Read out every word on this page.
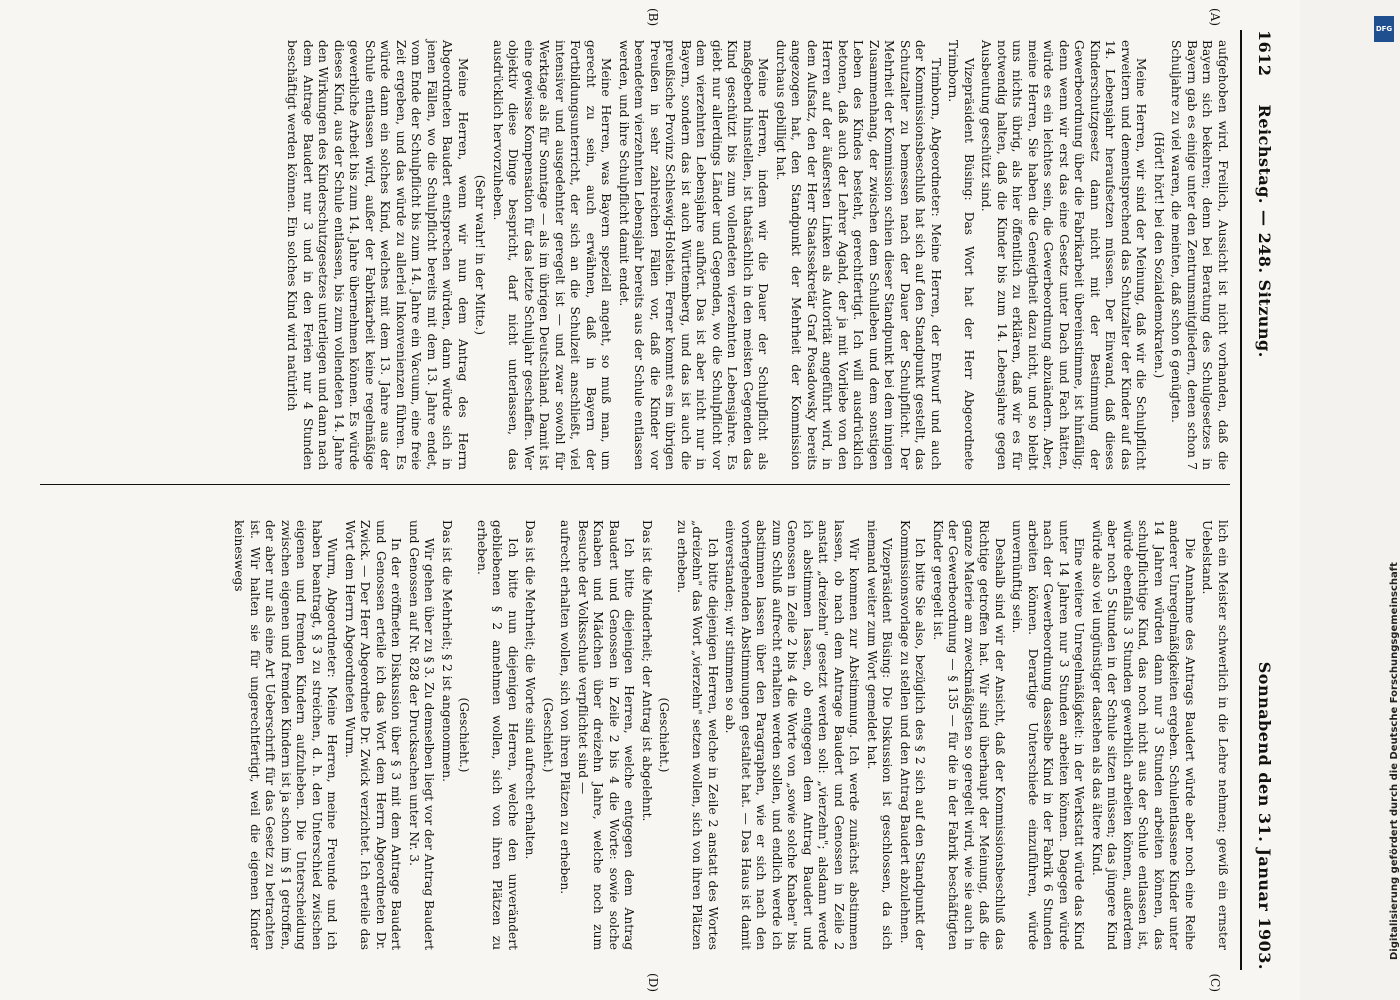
1612
Reichstag. — 248. Sitzung.
Sonnabend den 31. Januar 1903.
(A)
(B)
(C)
(D)

aufgehoben wird. Freilich, Aussicht ist nicht vorhanden, daß die Bayern sich bekehren; denn bei Beratung des Schulgesetzes in Bayern gab es einige unter den Zentrumsmitgliedern, denen schon 7 Schuljahre zu viel waren, die meinten, daß schon 6 genügten.

(Hört! hört! bei den Sozialdemokraten.)

Meine Herren, wir sind der Meinung, daß wir die Schulpflicht erweitern und dementsprechend das Schutzalter der Kinder auf das 14. Lebensjahr heraufsetzen müssen. Der Einwand, daß dieses Kinderschutzgesetz dann nicht mit der Bestimmung der Gewerbeordnung über die Fabrikarbeit übereinstimme, ist hinfällig; denn wenn wir erst das eine Gesetz unter Dach und Fach hätten, würde es ein leichtes sein, die Gewerbeordnung abzuändern. Aber, meine Herren, Sie haben die Geneigtheit dazu nicht, und so bleibt uns nichts übrig, als hier öffentlich zu erklären, daß wir es für notwendig halten, daß die Kinder bis zum 14. Lebensjahre gegen Ausbeutung geschützt sind.

Vizepräsident Büsing: Das Wort hat der Herr Abgeordnete Trimborn.

Trimborn, Abgeordneter: Meine Herren, der Entwurf und auch der Kommissionsbeschluß hat sich auf den Standpunkt gestellt, das Schutzalter zu bemessen nach der Dauer der Schulpflicht. Der Mehrheit der Kommission schien dieser Standpunkt bei dem innigen Zusammenhang, der zwischen dem Schulleben und dem sonstigen Leben des Kindes besteht, gerechtfertigt. Ich will ausdrücklich betonen, daß auch der Lehrer Agahd, der ja mit Vorliebe von den Herren auf der äußersten Linken als Autorität angeführt wird, in dem Aufsatz, den der Herr Staatssekretär Graf Posadowsky bereits angezogen hat, den Standpunkt der Mehrheit der Kommission durchaus gebilligt hat.

Meine Herren, indem wir die Dauer der Schulpflicht als maßgebend hinstellen, ist thatsächlich in den meisten Gegenden das Kind geschützt bis zum vollendeten vierzehnten Lebensjahre. Es giebt nur allerdings Länder und Gegenden, wo die Schulpflicht vor dem vierzehnten Lebensjahre aufhört. Das ist aber nicht nur in Bayern, sondern das ist auch Württemberg, und das ist auch die preußische Provinz Schleswig-Holstein. Ferner kommt es im übrigen Preußen in sehr zahlreichen Fällen vor, daß die Kinder vor beendetem vierzehnten Lebensjahr bereits aus der Schule entlassen werden, und ihre Schulpflicht damit endet.

Meine Herren, was Bayern speziell angeht, so muß man, um gerecht zu sein, auch erwähnen, daß in Bayern der Fortbildungsunterricht, der sich an die Schulzeit anschließt, viel intensiver und ausgedehnter geregelt ist — und zwar sowohl für Werktage als für Sonntage — als im übrigen Deutschland. Damit ist eine gewisse Kompensation für das letzte Schuljahr geschaffen. Wer objektiv diese Dinge bespricht, darf nicht unterlassen, das ausdrücklich hervorzuheben.

(Sehr wahr! in der Mitte.)

Meine Herren, wenn wir nun dem Antrag des Herrn Abgeordneten Baudert entsprechen würden, dann würde sich in jenen Fällen, wo die Schulpflicht bereits mit dem 13. Jahre endet, vom Ende der Schulpflicht bis zum 14. Jahre ein Vacuum, eine freie Zeit ergeben, und das würde zu allerlei Inkonvenienzen führen. Es würde dann ein solches Kind, welches mit dem 13. Jahre aus der Schule entlassen wird, außer der Fabrikarbeit keine regelmäßige gewerbliche Arbeit bis zum 14. Jahre übernehmen können. Es würde dieses Kind, aus der Schule entlassen, bis zum vollendeten 14. Jahre den Wirkungen des Kinderschutzgesetzes unterliegen und dann nach dem Antrage Baudert nur 3 und in den Ferien nur 4 Stunden beschäftigt werden können. Ein solches Kind wird natürlich

lich ein Meister schwerlich in die Lehre nehmen; gewiß ein ernster Uebelstand.

Die Annahme des Antrags Baudert würde aber noch eine Reihe anderer Unregelmäßigkeiten ergeben. Schulentlassene Kinder unter 14 Jahren würden dann nur 3 Stunden arbeiten können, das schulpflichtige Kind, das noch nicht aus der Schule entlassen ist, würde ebenfalls 3 Stunden gewerblich arbeiten können, außerdem aber noch 5 Stunden in der Schule sitzen müssen; das jüngere Kind würde also viel ungünstiger dastehen als das ältere Kind.

Eine weitere Unregelmäßigkeit: in der Werkstatt würde das Kind unter 14 Jahren nur 3 Stunden arbeiten können. Dagegen würde nach der Gewerbeordnung dasselbe Kind in der Fabrik 6 Stunden arbeiten können. Derartige Unterschiede einzuführen, würde unvernünftig sein.

Deshalb sind wir der Ansicht, daß der Kommissionsbeschluß das Richtige getroffen hat. Wir sind überhaupt der Meinung, daß die ganze Materie am zweckmäßigsten so geregelt wird, wie sie auch in der Gewerbeordnung — § 135 — für die in der Fabrik beschäftigten Kinder geregelt ist.

Ich bitte Sie also, bezüglich des § 2 sich auf den Standpunkt der Kommissionsvorlage zu stellen und den Antrag Baudert abzulehnen.

Vizepräsident Büsing: Die Diskussion ist geschlossen, da sich niemand weiter zum Wort gemeldet hat.

Wir kommen zur Abstimmung. Ich werde zunächst abstimmen lassen, ob nach dem Antrage Baudert und Genossen in Zeile 2 anstatt „dreizehn" gesetzt werden soll: „vierzehn"; alsdann werde ich abstimmen lassen, ob entgegen dem Antrag Baudert und Genossen in Zeile 2 bis 4 die Worte von „sowie solche Knaben" bis zum Schluß aufrecht erhalten werden sollen, und endlich werde ich abstimmen lassen über den Paragraphen, wie er sich nach den vorhergehenden Abstimmungen gestaltet hat. — Das Haus ist damit einverstanden; wir stimmen so ab.

Ich bitte diejenigen Herren, welche in Zeile 2 anstatt des Wortes „dreizehn" das Wort „vierzehn" setzen wollen, sich von ihren Plätzen zu erheben.

(Geschieht.)

Das ist die Minderheit; der Antrag ist abgelehnt.

Ich bitte diejenigen Herren, welche entgegen dem Antrag Baudert und Genossen in Zeile 2 bis 4 die Worte: sowie solche Knaben und Mädchen über dreizehn Jahre, welche noch zum Besuche der Volksschule verpflichtet sind —

aufrecht erhalten wollen, sich von ihren Plätzen zu erheben.

(Geschieht.)

Das ist die Mehrheit; die Worte sind aufrecht erhalten.

Ich bitte nun diejenigen Herren, welche den unverändert gebliebenen § 2 annehmen wollen, sich von ihren Plätzen zu erheben.

(Geschieht.)

Das ist die Mehrheit; § 2 ist angenommen.

Wir gehen über zu § 3. Zu demselben liegt vor der Antrag Baudert und Genossen auf Nr. 828 der Drucksachen unter Nr. 3.

In der eröffneten Diskussion über § 3 mit dem Antrage Baudert und Genossen erteile ich das Wort dem Herrn Abgeordneten Dr. Zwick. — Der Herr Abgeordnete Dr. Zwick verzichtet. Ich erteile das Wort dem Herrn Abgeordneten Wurm.

Wurm, Abgeordneter: Meine Herren, meine Freunde und ich haben beantragt, § 3 zu streichen, d. h. den Unterschied zwischen eigenen und fremden Kindern aufzuheben. Die Unterscheidung zwischen eigenen und fremden Kindern ist ja schon im § 1 getroffen, der aber nur als eine Art Ueberschrift für das Gesetz zu betrachten ist. Wir halten sie für ungerechtfertigt, weil die eigenen Kinder keineswegs

DFG
Digitalisierung gefördert durch die Deutsche Forschungsgemeinschaft
